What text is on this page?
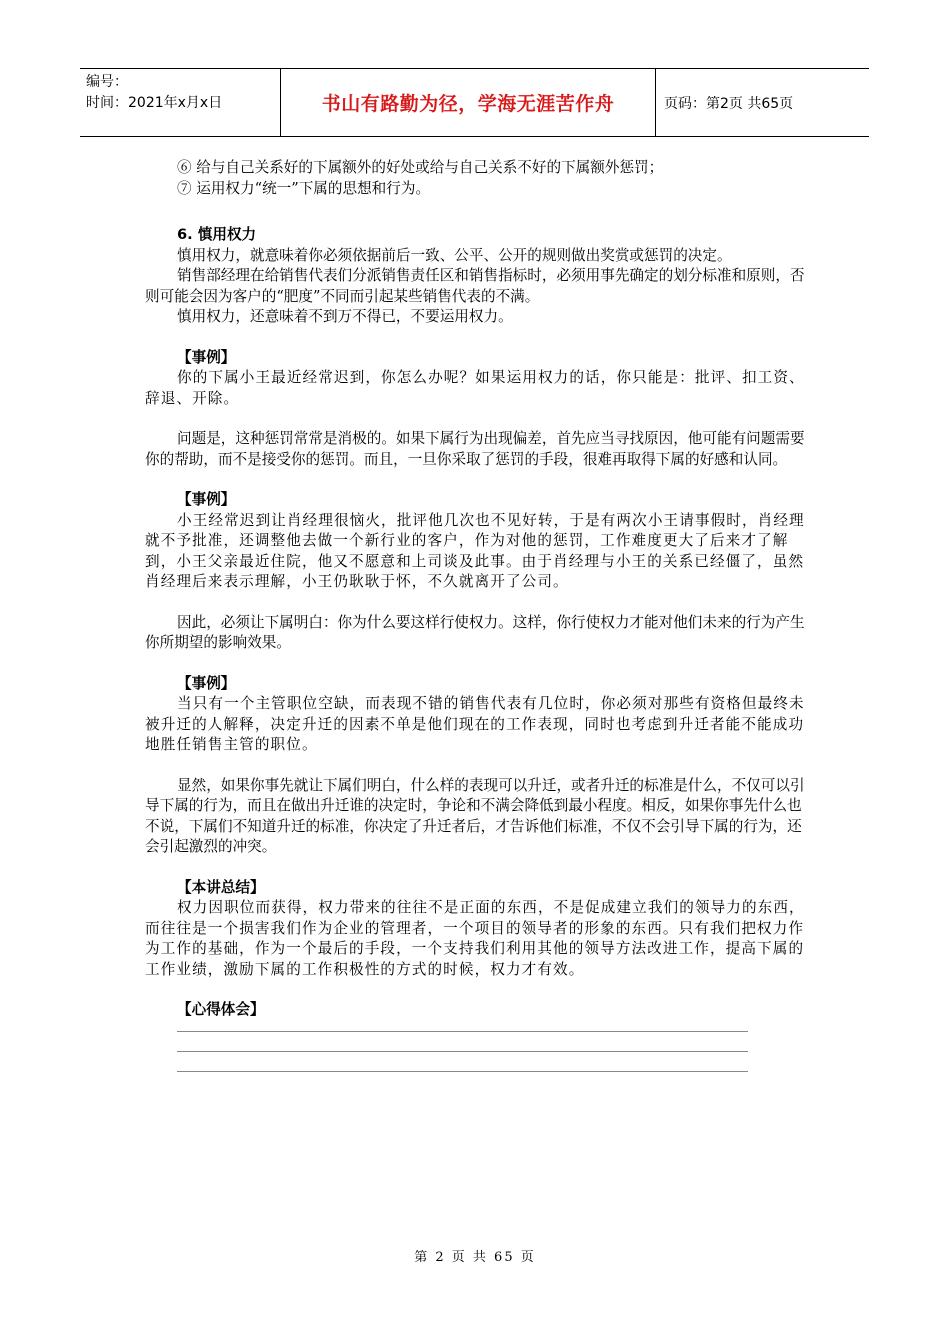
编号：
时间：2021年x月x日	书山有路勤为径，学海无涯苦作舟	页码：第2页 共65页

⑥ 给与自己关系好的下属额外的好处或给与自己关系不好的下属额外惩罚；

⑦ 运用权力“统一”下属的思想和行为。

6. 慎用权力

慎用权力，就意味着你必须依据前后一致、公平、公开的规则做出奖赏或惩罚的决定。

销售部经理在给销售代表们分派销售责任区和销售指标时，必须用事先确定的划分标准和原则，否则可能会因为客户的“肥度”不同而引起某些销售代表的不满。

慎用权力，还意味着不到万不得已，不要运用权力。

【事例】

你的下属小王最近经常迟到，你怎么办呢？如果运用权力的话，你只能是：批评、扣工资、辞退、开除。

问题是，这种惩罚常常是消极的。如果下属行为出现偏差，首先应当寻找原因，他可能有问题需要你的帮助，而不是接受你的惩罚。而且，一旦你采取了惩罚的手段，很难再取得下属的好感和认同。

【事例】

小王经常迟到让肖经理很恼火，批评他几次也不见好转，于是有两次小王请事假时，肖经理就不予批准，还调整他去做一个新行业的客户，作为对他的惩罚，工作难度更大了后来才了解到，小王父亲最近住院，他又不愿意和上司谈及此事。由于肖经理与小王的关系已经僵了，虽然肖经理后来表示理解，小王仍耿耿于怀，不久就离开了公司。

因此，必须让下属明白：你为什么要这样行使权力。这样，你行使权力才能对他们未来的行为产生你所期望的影响效果。

【事例】

当只有一个主管职位空缺，而表现不错的销售代表有几位时，你必须对那些有资格但最终未被升迁的人解释，决定升迁的因素不单是他们现在的工作表现，同时也考虑到升迁者能不能成功地胜任销售主管的职位。

显然，如果你事先就让下属们明白，什么样的表现可以升迁，或者升迁的标准是什么，不仅可以引导下属的行为，而且在做出升迁谁的决定时，争论和不满会降低到最小程度。相反，如果你事先什么也不说，下属们不知道升迁的标准，你决定了升迁者后，才告诉他们标准，不仅不会引导下属的行为，还会引起激烈的冲突。

【本讲总结】

权力因职位而获得，权力带来的往往不是正面的东西，不是促成建立我们的领导力的东西，而往往是一个损害我们作为企业的管理者，一个项目的领导者的形象的东西。只有我们把权力作为工作的基础，作为一个最后的手段，一个支持我们利用其他的领导方法改进工作，提高下属的工作业绩，激励下属的工作积极性的方式的时候，权力才有效。

【心得体会】

第 2 页 共 65 页
